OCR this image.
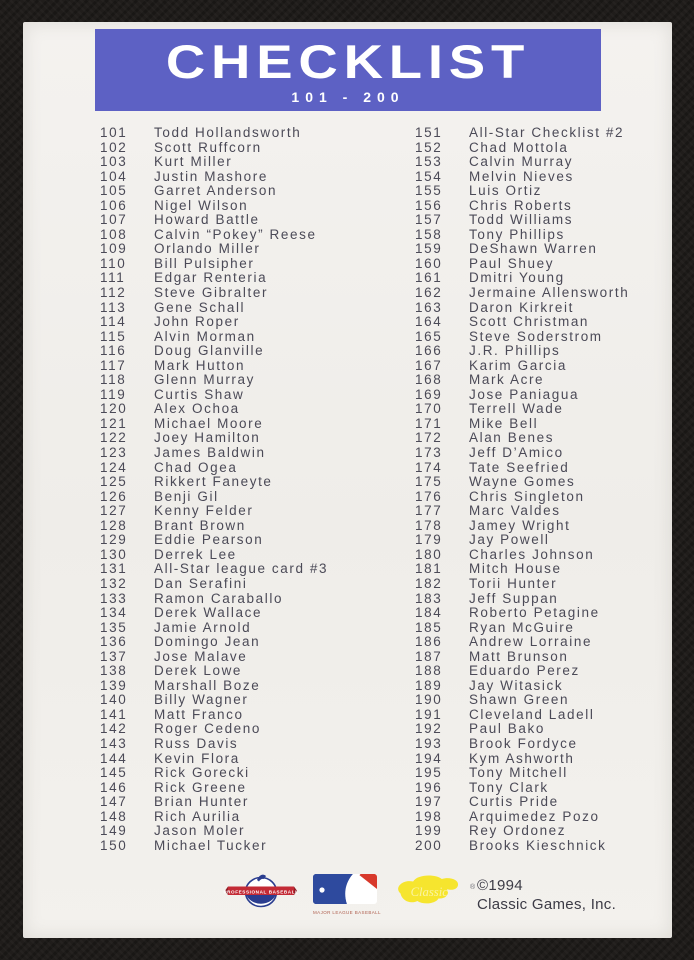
CHECKLIST
101 - 200
101	Todd Hollandsworth
102	Scott Ruffcorn
103	Kurt Miller
104	Justin Mashore
105	Garret Anderson
106	Nigel Wilson
107	Howard Battle
108	Calvin “Pokey” Reese
109	Orlando Miller
110	Bill Pulsipher
111	Edgar Renteria
112	Steve Gibralter
113	Gene Schall
114	John Roper
115	Alvin Morman
116	Doug Glanville
117	Mark Hutton
118	Glenn Murray
119	Curtis Shaw
120	Alex Ochoa
121	Michael Moore
122	Joey Hamilton
123	James Baldwin
124	Chad Ogea
125	Rikkert Faneyte
126	Benji Gil
127	Kenny Felder
128	Brant Brown
129	Eddie Pearson
130	Derrek Lee
131	All-Star league card #3
132	Dan Serafini
133	Ramon Caraballo
134	Derek Wallace
135	Jamie Arnold
136	Domingo Jean
137	Jose Malave
138	Derek Lowe
139	Marshall Boze
140	Billy Wagner
141	Matt Franco
142	Roger Cedeno
143	Russ Davis
144	Kevin Flora
145	Rick Gorecki
146	Rick Greene
147	Brian Hunter
148	Rich Aurilia
149	Jason Moler
150	Michael Tucker
151	All-Star Checklist #2
152	Chad Mottola
153	Calvin Murray
154	Melvin Nieves
155	Luis Ortiz
156	Chris Roberts
157	Todd Williams
158	Tony Phillips
159	DeShawn Warren
160	Paul Shuey
161	Dmitri Young
162	Jermaine Allensworth
163	Daron Kirkreit
164	Scott Christman
165	Steve Soderstrom
166	J.R. Phillips
167	Karim Garcia
168	Mark Acre
169	Jose Paniagua
170	Terrell Wade
171	Mike Bell
172	Alan Benes
173	Jeff D’Amico
174	Tate Seefried
175	Wayne Gomes
176	Chris Singleton
177	Marc Valdes
178	Jamey Wright
179	Jay Powell
180	Charles Johnson
181	Mitch House
182	Torii Hunter
183	Jeff Suppan
184	Roberto Petagine
185	Ryan McGuire
186	Andrew Lorraine
187	Matt Brunson
188	Eduardo Perez
189	Jay Witasick
190	Shawn Green
191	Cleveland Ladell
192	Paul Bako
193	Brook Fordyce
194	Kym Ashworth
195	Tony Mitchell
196	Tony Clark
197	Curtis Pride
198	Arquimedez Pozo
199	Rey Ordonez
200	Brooks Kieschnick
PROFESSIONAL BASEBALL
MAJOR LEAGUE BASEBALL
Classic	® ©1994
Classic Games, Inc.
